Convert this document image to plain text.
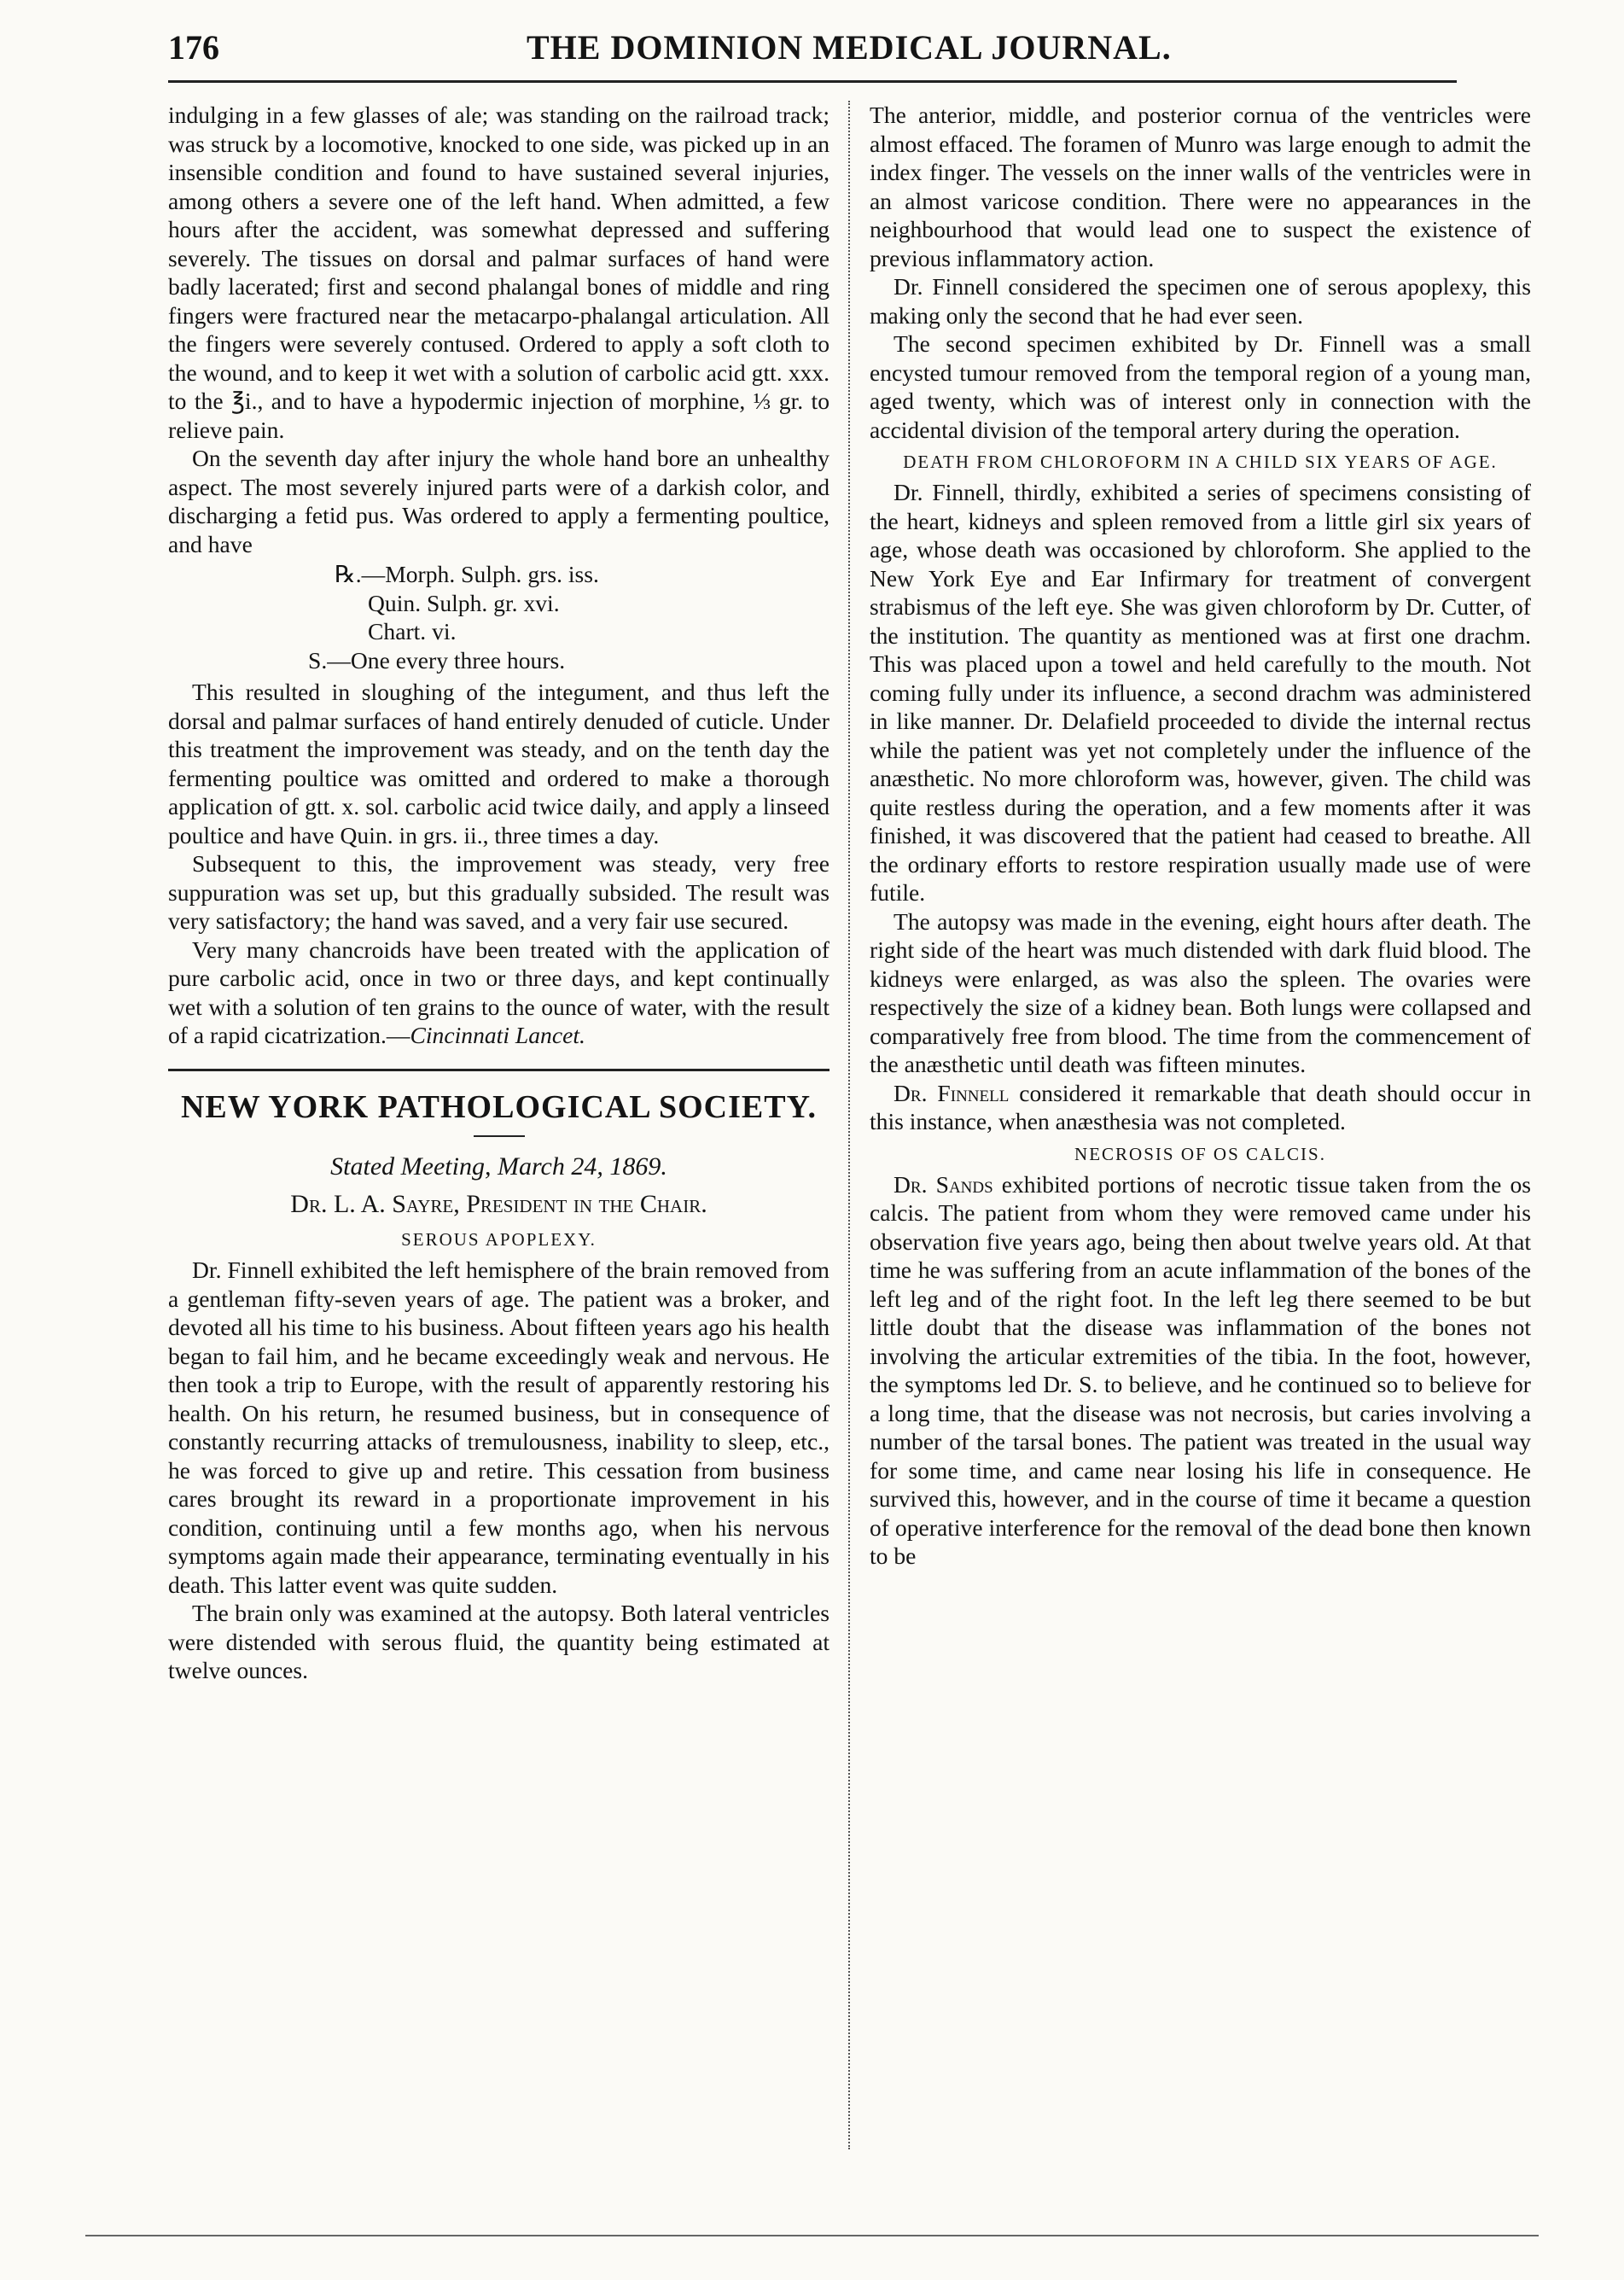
176	THE DOMINION MEDICAL JOURNAL.

indulging in a few glasses of ale; was standing on the railroad track; was struck by a locomotive, knocked to one side, was picked up in an insensible condition and found to have sustained several injuries, among others a severe one of the left hand. When admitted, a few hours after the accident, was somewhat depressed and suffering severely. The tissues on dorsal and palmar surfaces of hand were badly lacerated; first and second phalangal bones of middle and ring fingers were fractured near the metacarpo-phalangal articulation. All the fingers were severely contused. Ordered to apply a soft cloth to the wound, and to keep it wet with a solution of carbolic acid gtt. xxx. to the ℥i., and to have a hypodermic injection of morphine, ⅓ gr. to relieve pain.

On the seventh day after injury the whole hand bore an unhealthy aspect. The most severely injured parts were of a darkish color, and discharging a fetid pus. Was ordered to apply a fermenting poultice, and have

℞.—Morph. Sulph. grs. iss.
Quin. Sulph. gr. xvi.
Chart. vi.
S.—One every three hours.

This resulted in sloughing of the integument, and thus left the dorsal and palmar surfaces of hand entirely denuded of cuticle. Under this treatment the improvement was steady, and on the tenth day the fermenting poultice was omitted and ordered to make a thorough application of gtt. x. sol. carbolic acid twice daily, and apply a linseed poultice and have Quin. in grs. ii., three times a day.

Subsequent to this, the improvement was steady, very free suppuration was set up, but this gradually subsided. The result was very satisfactory; the hand was saved, and a very fair use secured.

Very many chancroids have been treated with the application of pure carbolic acid, once in two or three days, and kept continually wet with a solution of ten grains to the ounce of water, with the result of a rapid cicatrization.—Cincinnati Lancet.

NEW YORK PATHOLOGICAL SOCIETY.
Stated Meeting, March 24, 1869.
Dr. L. A. Sayre, President in the Chair.
SEROUS APOPLEXY.

Dr. Finnell exhibited the left hemisphere of the brain removed from a gentleman fifty-seven years of age. The patient was a broker, and devoted all his time to his business. About fifteen years ago his health began to fail him, and he became exceedingly weak and nervous. He then took a trip to Europe, with the result of apparently restoring his health. On his return, he resumed business, but in consequence of constantly recurring attacks of tremulousness, inability to sleep, etc., he was forced to give up and retire. This cessation from business cares brought its reward in a proportionate improvement in his condition, continuing until a few months ago, when his nervous symptoms again made their appearance, terminating eventually in his death. This latter event was quite sudden.

The brain only was examined at the autopsy. Both lateral ventricles were distended with serous fluid, the quantity being estimated at twelve ounces.

The anterior, middle, and posterior cornua of the ventricles were almost effaced. The foramen of Munro was large enough to admit the index finger. The vessels on the inner walls of the ventricles were in an almost varicose condition. There were no appearances in the neighbourhood that would lead one to suspect the existence of previous inflammatory action.

Dr. Finnell considered the specimen one of serous apoplexy, this making only the second that he had ever seen.

The second specimen exhibited by Dr. Finnell was a small encysted tumour removed from the temporal region of a young man, aged twenty, which was of interest only in connection with the accidental division of the temporal artery during the operation.

DEATH FROM CHLOROFORM IN A CHILD SIX YEARS OF AGE.

Dr. Finnell, thirdly, exhibited a series of specimens consisting of the heart, kidneys and spleen removed from a little girl six years of age, whose death was occasioned by chloroform. She applied to the New York Eye and Ear Infirmary for treatment of convergent strabismus of the left eye. She was given chloroform by Dr. Cutter, of the institution. The quantity as mentioned was at first one drachm. This was placed upon a towel and held carefully to the mouth. Not coming fully under its influence, a second drachm was administered in like manner. Dr. Delafield proceeded to divide the internal rectus while the patient was yet not completely under the influence of the anæsthetic. No more chloroform was, however, given. The child was quite restless during the operation, and a few moments after it was finished, it was discovered that the patient had ceased to breathe. All the ordinary efforts to restore respiration usually made use of were futile.

The autopsy was made in the evening, eight hours after death. The right side of the heart was much distended with dark fluid blood. The kidneys were enlarged, as was also the spleen. The ovaries were respectively the size of a kidney bean. Both lungs were collapsed and comparatively free from blood. The time from the commencement of the anæsthetic until death was fifteen minutes.

Dr. Finnell considered it remarkable that death should occur in this instance, when anæsthesia was not completed.

NECROSIS OF OS CALCIS.

Dr. Sands exhibited portions of necrotic tissue taken from the os calcis. The patient from whom they were removed came under his observation five years ago, being then about twelve years old. At that time he was suffering from an acute inflammation of the bones of the left leg and of the right foot. In the left leg there seemed to be but little doubt that the disease was inflammation of the bones not involving the articular extremities of the tibia. In the foot, however, the symptoms led Dr. S. to believe, and he continued so to believe for a long time, that the disease was not necrosis, but caries involving a number of the tarsal bones. The patient was treated in the usual way for some time, and came near losing his life in consequence. He survived this, however, and in the course of time it became a question of operative interference for the removal of the dead bone then known to be
